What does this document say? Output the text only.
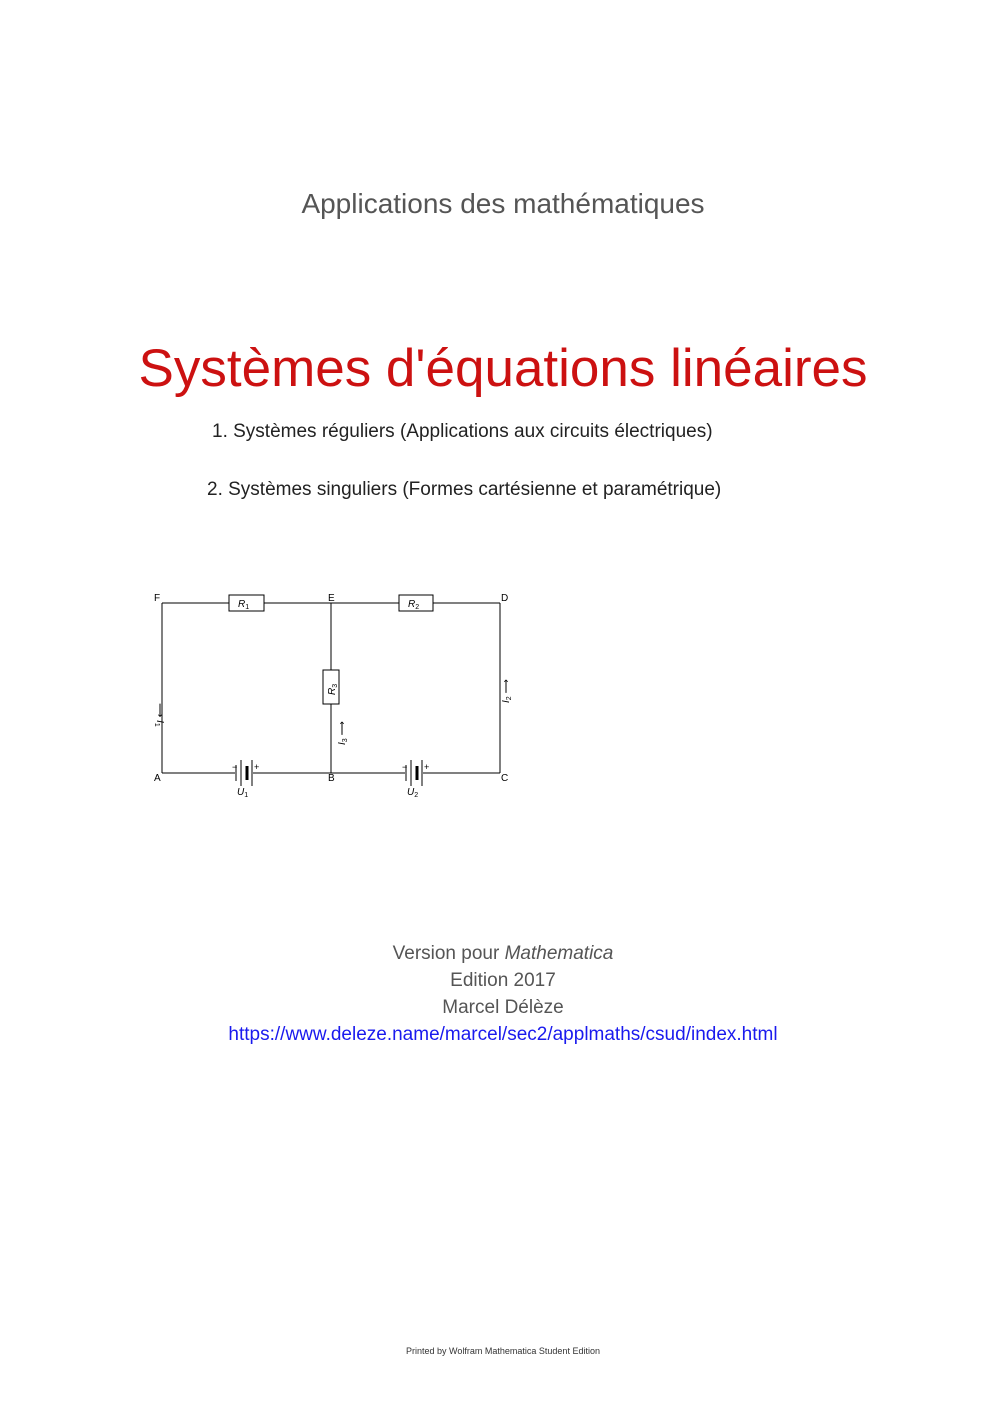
Applications des mathématiques
Systèmes d'équations linéaires
1. Systèmes réguliers (Applications aux circuits électriques)
2. Systèmes singuliers (Formes cartésienne et paramétrique)
$R_1$	$R_2$
$R_3$
− +	− +
$U_1$	$U_2$
F	E	D
A	B	C
⟶ $I_1$
$I_2$ ⟶
$I_3$ ⟶
Version pour Mathematica
Edition 2017
Marcel Délèze
https://www.deleze.name/marcel/sec2/applmaths/csud/index.html
Printed by Wolfram Mathematica Student Edition
